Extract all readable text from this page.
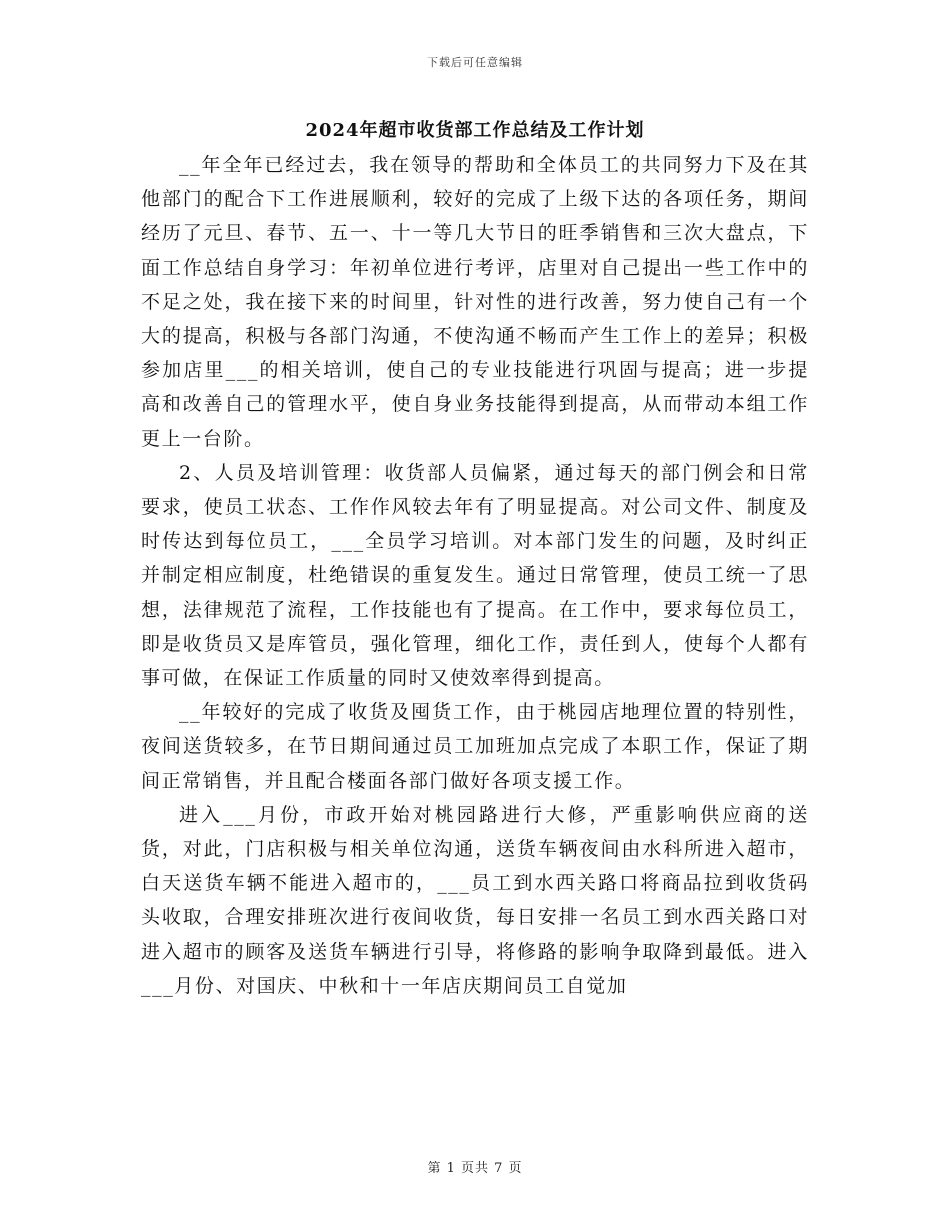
下载后可任意编辑
2024年超市收货部工作总结及工作计划

__年全年已经过去，我在领导的帮助和全体员工的共同努力下及在其他部门的配合下工作进展顺利，较好的完成了上级下达的各项任务，期间经历了元旦、春节、五一、十一等几大节日的旺季销售和三次大盘点，下面工作总结自身学习：年初单位进行考评，店里对自己提出一些工作中的不足之处，我在接下来的时间里，针对性的进行改善，努力使自己有一个大的提高，积极与各部门沟通，不使沟通不畅而产生工作上的差异；积极参加店里___的相关培训，使自己的专业技能进行巩固与提高；进一步提高和改善自己的管理水平，使自身业务技能得到提高，从而带动本组工作更上一台阶。

2、人员及培训管理：收货部人员偏紧，通过每天的部门例会和日常要求，使员工状态、工作作风较去年有了明显提高。对公司文件、制度及时传达到每位员工，___全员学习培训。对本部门发生的问题，及时纠正并制定相应制度，杜绝错误的重复发生。通过日常管理，使员工统一了思想，法律规范了流程，工作技能也有了提高。在工作中，要求每位员工，即是收货员又是库管员，强化管理，细化工作，责任到人，使每个人都有事可做，在保证工作质量的同时又使效率得到提高。

__年较好的完成了收货及囤货工作，由于桃园店地理位置的特别性，夜间送货较多，在节日期间通过员工加班加点完成了本职工作，保证了期间正常销售，并且配合楼面各部门做好各项支援工作。

进入___月份，市政开始对桃园路进行大修，严重影响供应商的送货，对此，门店积极与相关单位沟通，送货车辆夜间由水科所进入超市，白天送货车辆不能进入超市的，___员工到水西关路口将商品拉到收货码头收取，合理安排班次进行夜间收货，每日安排一名员工到水西关路口对进入超市的顾客及送货车辆进行引导，将修路的影响争取降到最低。进入___月份、对国庆、中秋和十一年店庆期间员工自觉加

第 1 页共 7 页
